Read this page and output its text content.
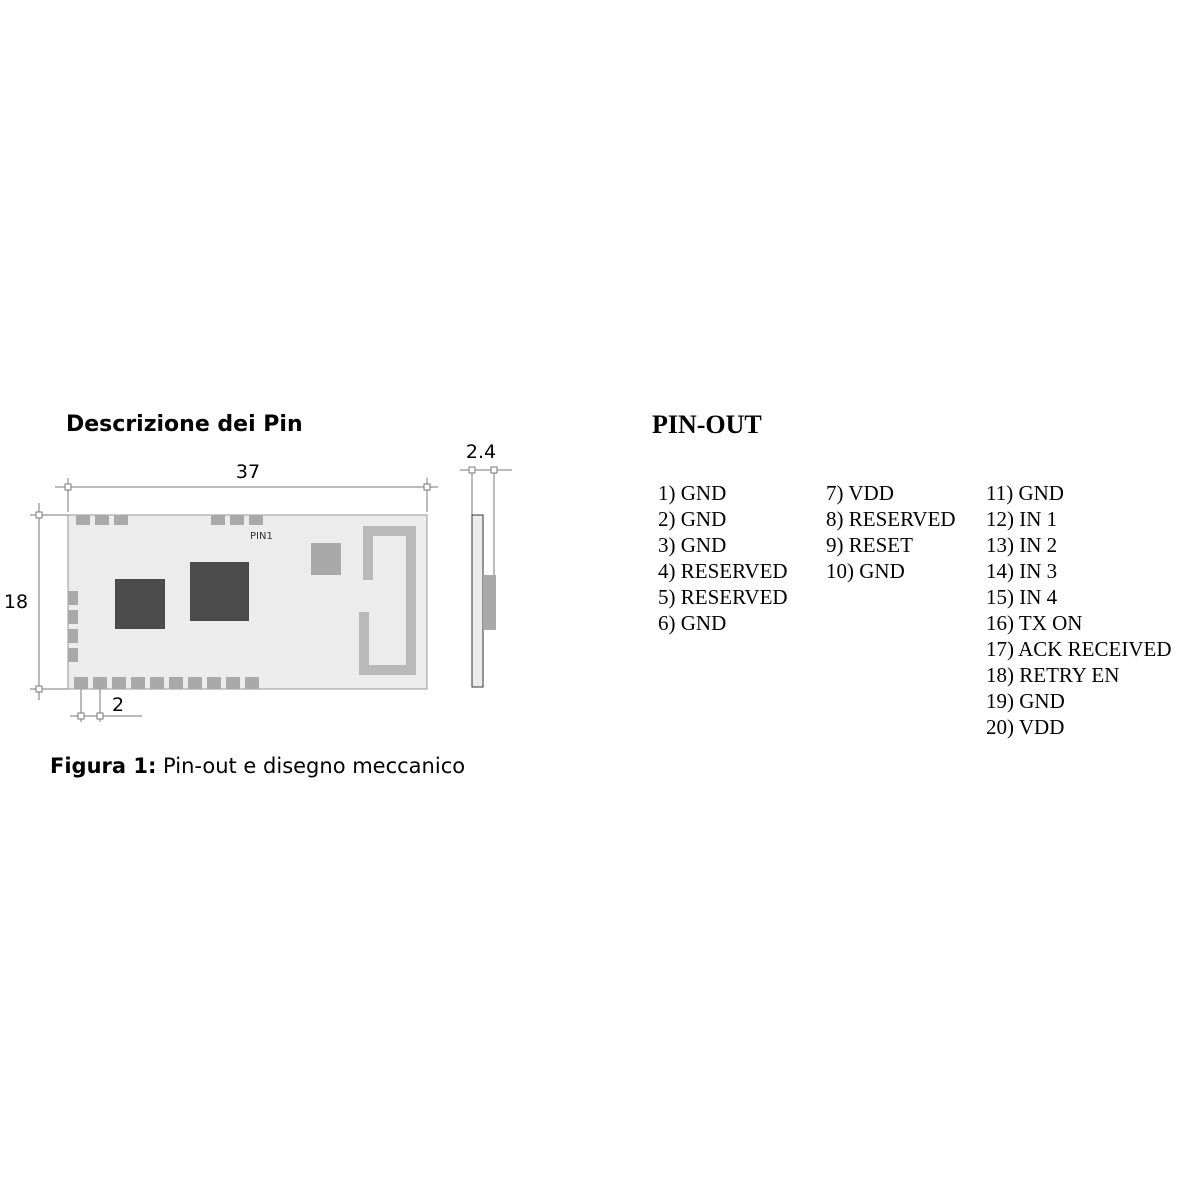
Descrizione dei Pin
37
18
PIN1
2
2.4
Figura 1: Pin-out e disegno meccanico
PIN-OUT
1) GND
2) GND
3) GND
4) RESERVED
5) RESERVED
6) GND
7) VDD
8) RESERVED
9) RESET
10) GND
11) GND
12) IN 1
13) IN 2
14) IN 3
15) IN 4
16) TX ON
17) ACK RECEIVED
18) RETRY EN
19) GND
20) VDD
